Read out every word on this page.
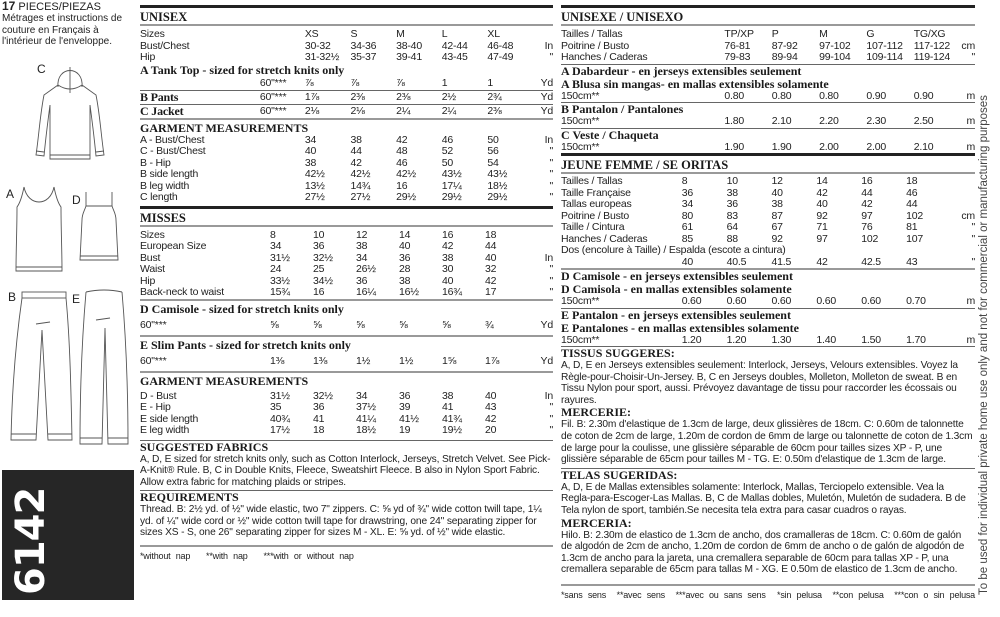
17 PIECES/PIEZAS
Métrages et instructions de couture en Français à l'intérieur de l'enveloppe.
C
A	D
B	E
6142
UNISEX
Sizes	XS	S	M	L	XL
Bust/Chest	30-32	34-36	38-40	42-44	46-48	In
Hip	31-32½	35-37	39-41	43-45	47-49	"
A Tank Top - sized for stretch knits only
60"***	⅞	⅞	⅞	1	1	Yd
B Pants	60"***	1⅞	2⅜	2⅜	2½	2¾	Yd
C Jacket	60"***	2⅛	2⅛	2¼	2¼	2⅜	Yd
GARMENT MEASUREMENTS
A - Bust/Chest	34	38	42	46	50	In
C - Bust/Chest	40	44	48	52	56	"
B - Hip	38	42	46	50	54	"
B side length	42½	42½	42½	43½	43½	"
B leg width	13½	14¾	16	17¼	18½	"
C length	27½	27½	29½	29½	29½	"
MISSES
Sizes	8	10	12	14	16	18
European Size	34	36	38	40	42	44
Bust	31½	32½	34	36	38	40	In
Waist	24	25	26½	28	30	32	"
Hip	33½	34½	36	38	40	42	"
Back-neck to waist	15¾	16	16¼	16½	16¾	17	"
D Camisole - sized for stretch knits only
60"***	⅝	⅝	⅝	⅝	⅝	¾	Yd
E Slim Pants - sized for stretch knits only
60"***	1⅜	1⅜	1½	1½	1⅝	1⅞	Yd
GARMENT MEASUREMENTS
D - Bust	31½	32½	34	36	38	40	In
E - Hip	35	36	37½	39	41	43	"
E side length	40¾	41	41¼	41½	41¾	42	"
E leg width	17½	18	18½	19	19½	20	"
SUGGESTED FABRICS
A, D, E sized for stretch knits only, such as Cotton Interlock, Jerseys, Stretch Velvet. See Pick-A-Knit® Rule. B, C in Double Knits, Fleece, Sweatshirt Fleece. B also in Nylon Sport Fabric. Allow extra fabric for matching plaids or stripes.
REQUIREMENTS
Thread. B: 2½ yd. of ½" wide elastic, two 7" zippers. C: ⅝ yd of ¾" wide cotton twill tape, 1¼ yd. of ¼" wide cord or ½" wide cotton twill tape for drawstring, one 24" separating zipper for sizes XS - S, one 26" separating zipper for sizes M - XL. E: ⅝ yd. of ½" wide elastic.
*without nap **with nap ***with or without nap
UNISEXE / UNISEXO
Tailles / Tallas	TP/XP	P	M	G	TG/XG
Poitrine / Busto	76-81	87-92	97-102	107-112	117-122	cm
Hanches / Caderas	79-83	89-94	99-104	109-114	119-124	"
A Dabardeur - en jerseys extensibles seulement
A Blusa sin mangas- en mallas extensibles solamente
150cm**	0.80	0.80	0.80	0.90	0.90	m
B Pantalon / Pantalones
150cm**	1.80	2.10	2.20	2.30	2.50	m
C Veste / Chaqueta
150cm**	1.90	1.90	2.00	2.00	2.10	m
JEUNE FEMME / SE ORITAS
Tailles / Tallas	8	10	12	14	16	18
Taille Française	36	38	40	42	44	46
Tallas europeas	34	36	38	40	42	44
Poitrine / Busto	80	83	87	92	97	102	cm
Taille / Cintura	61	64	67	71	76	81	"
Hanches / Caderas	85	88	92	97	102	107	"
Dos (encolure à Taille) / Espalda (escote a cintura)
40	40.5	41.5	42	42.5	43	"
D Camisole - en jerseys extensibles seulement
D Camisola - en mallas extensibles solamente
150cm**	0.60	0.60	0.60	0.60	0.60	0.70	m
E Pantalon - en jerseys extensibles seulement
E Pantalones - en mallas extensibles solamente
150cm**	1.20	1.20	1.30	1.40	1.50	1.70	m
TISSUS SUGGERES:
A, D, E en Jerseys extensibles seulement: Interlock, Jerseys, Velours extensibles. Voyez la Règle-pour-Choisir-Un-Jersey. B, C en Jerseys doubles, Molleton, Molleton de sweat. B en Tissu Nylon pour sport, aussi. Prévoyez davantage de tissu pour raccorder les écossais ou rayures.
MERCERIE:
Fil. B: 2.30m d'elastique de 1.3cm de large, deux glissières de 18cm. C: 0.60m de talonnette de coton de 2cm de large, 1.20m de cordon de 6mm de large ou talonnette de coton de 1.3cm de large pour la coulisse, une glissière séparable de 60cm pour tailles sizes XP - P, une glissière séparable de 65cm pour tailles M - TG. E: 0.50m d'elastique de 1.3cm de large.
TELAS SUGERIDAS:
A, D, E de Mallas extensibles solamente: Interlock, Mallas, Terciopelo extensible. Vea la Regla-para-Escoger-Las Mallas. B, C de Mallas dobles, Muletón, Muletón de sudadera. B de Tela nylon de sport, también.Se necesita tela extra para casar cuadros o rayas.
MERCERIA:
Hilo. B: 2.30m de elastico de 1.3cm de ancho, dos cramalleras de 18cm. C: 0.60m de galón de algodón de 2cm de ancho, 1.20m de cordon de 6mm de ancho o de galón de algodón de 1.3cm de ancho para la jareta, una cremallera separable de 60cm para tallas XP - P, una cremallera separable de 65cm para tallas M - XG. E 0.50m de elastico de 1.3cm de ancho.
*sans sens **avec sens ***avec ou sans sens *sin pelusa **con pelusa ***con o sin pelusa To be used for individual private home use only and not for commercial or manufacturing purposes
